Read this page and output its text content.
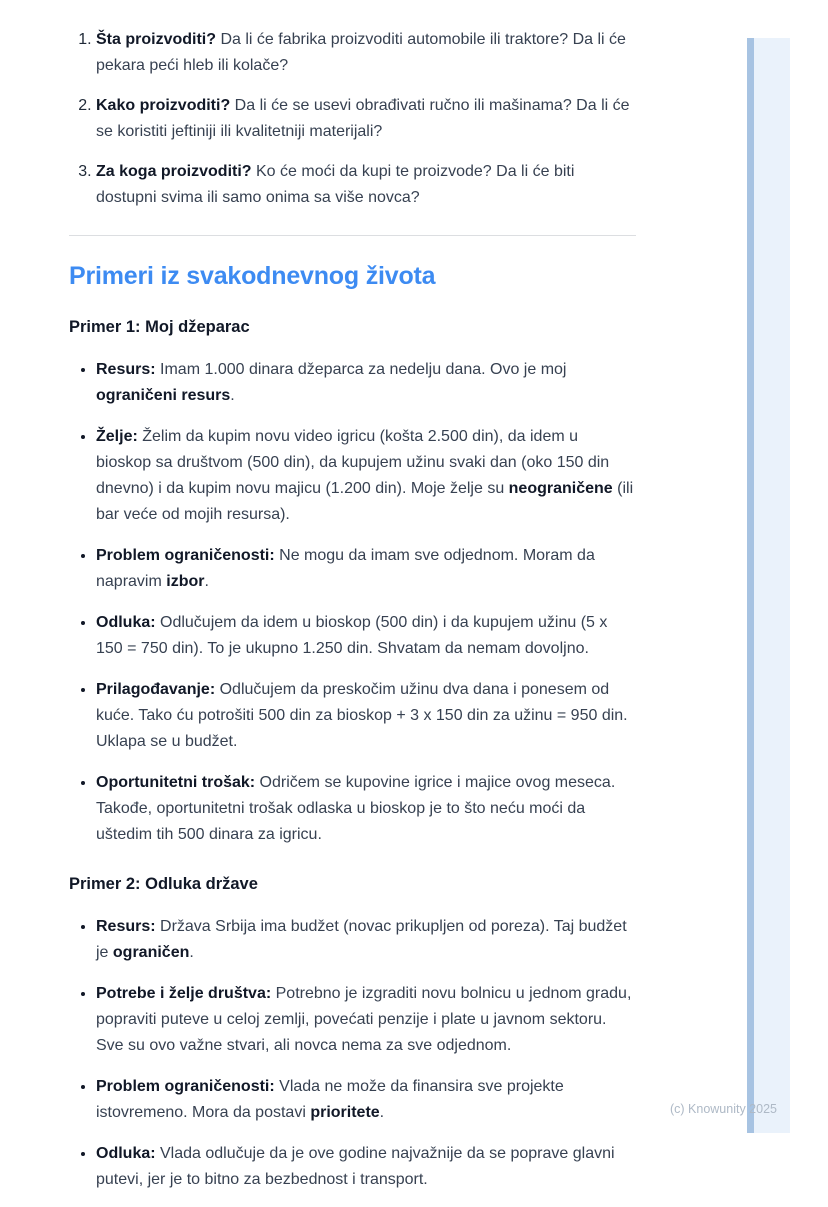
1. Šta proizvoditi? Da li će fabrika proizvoditi automobile ili traktore? Da li će pekara peći hleb ili kolače?
2. Kako proizvoditi? Da li će se usevi obrađivati ručno ili mašinama? Da li će se koristiti jeftiniji ili kvalitetniji materijali?
3. Za koga proizvoditi? Ko će moći da kupi te proizvode? Da li će biti dostupni svima ili samo onima sa više novca?
Primeri iz svakodnevnog života
Primer 1: Moj džeparac
• Resurs: Imam 1.000 dinara džeparca za nedelju dana. Ovo je moj ograničeni resurs.
• Želje: Želim da kupim novu video igricu (košta 2.500 din), da idem u bioskop sa društvom (500 din), da kupujem užinu svaki dan (oko 150 din dnevno) i da kupim novu majicu (1.200 din). Moje želje su neograničene (ili bar veće od mojih resursa).
• Problem ograničenosti: Ne mogu da imam sve odjednom. Moram da napravim izbor.
• Odluka: Odlučujem da idem u bioskop (500 din) i da kupujem užinu (5 x 150 = 750 din). To je ukupno 1.250 din. Shvatam da nemam dovoljno.
• Prilagođavanje: Odlučujem da preskočim užinu dva dana i ponesem od kuće. Tako ću potrošiti 500 din za bioskop + 3 x 150 din za užinu = 950 din. Uklapa se u budžet.
• Oportunitetni trošak: Odričem se kupovine igrice i majice ovog meseca. Takođe, oportunitetni trošak odlaska u bioskop je to što neću moći da uštedim tih 500 dinara za igricu.
Primer 2: Odluka države
• Resurs: Država Srbija ima budžet (novac prikupljen od poreza). Taj budžet je ograničen.
• Potrebe i želje društva: Potrebno je izgraditi novu bolnicu u jednom gradu, popraviti puteve u celoj zemlji, povećati penzije i plate u javnom sektoru. Sve su ovo važne stvari, ali novca nema za sve odjednom.
• Problem ograničenosti: Vlada ne može da finansira sve projekte istovremeno. Mora da postavi prioritete.
• Odluka: Vlada odlučuje da je ove godine najvažnije da se poprave glavni putevi, jer je to bitno za bezbednost i transport.
(c) Knowunity 2025
